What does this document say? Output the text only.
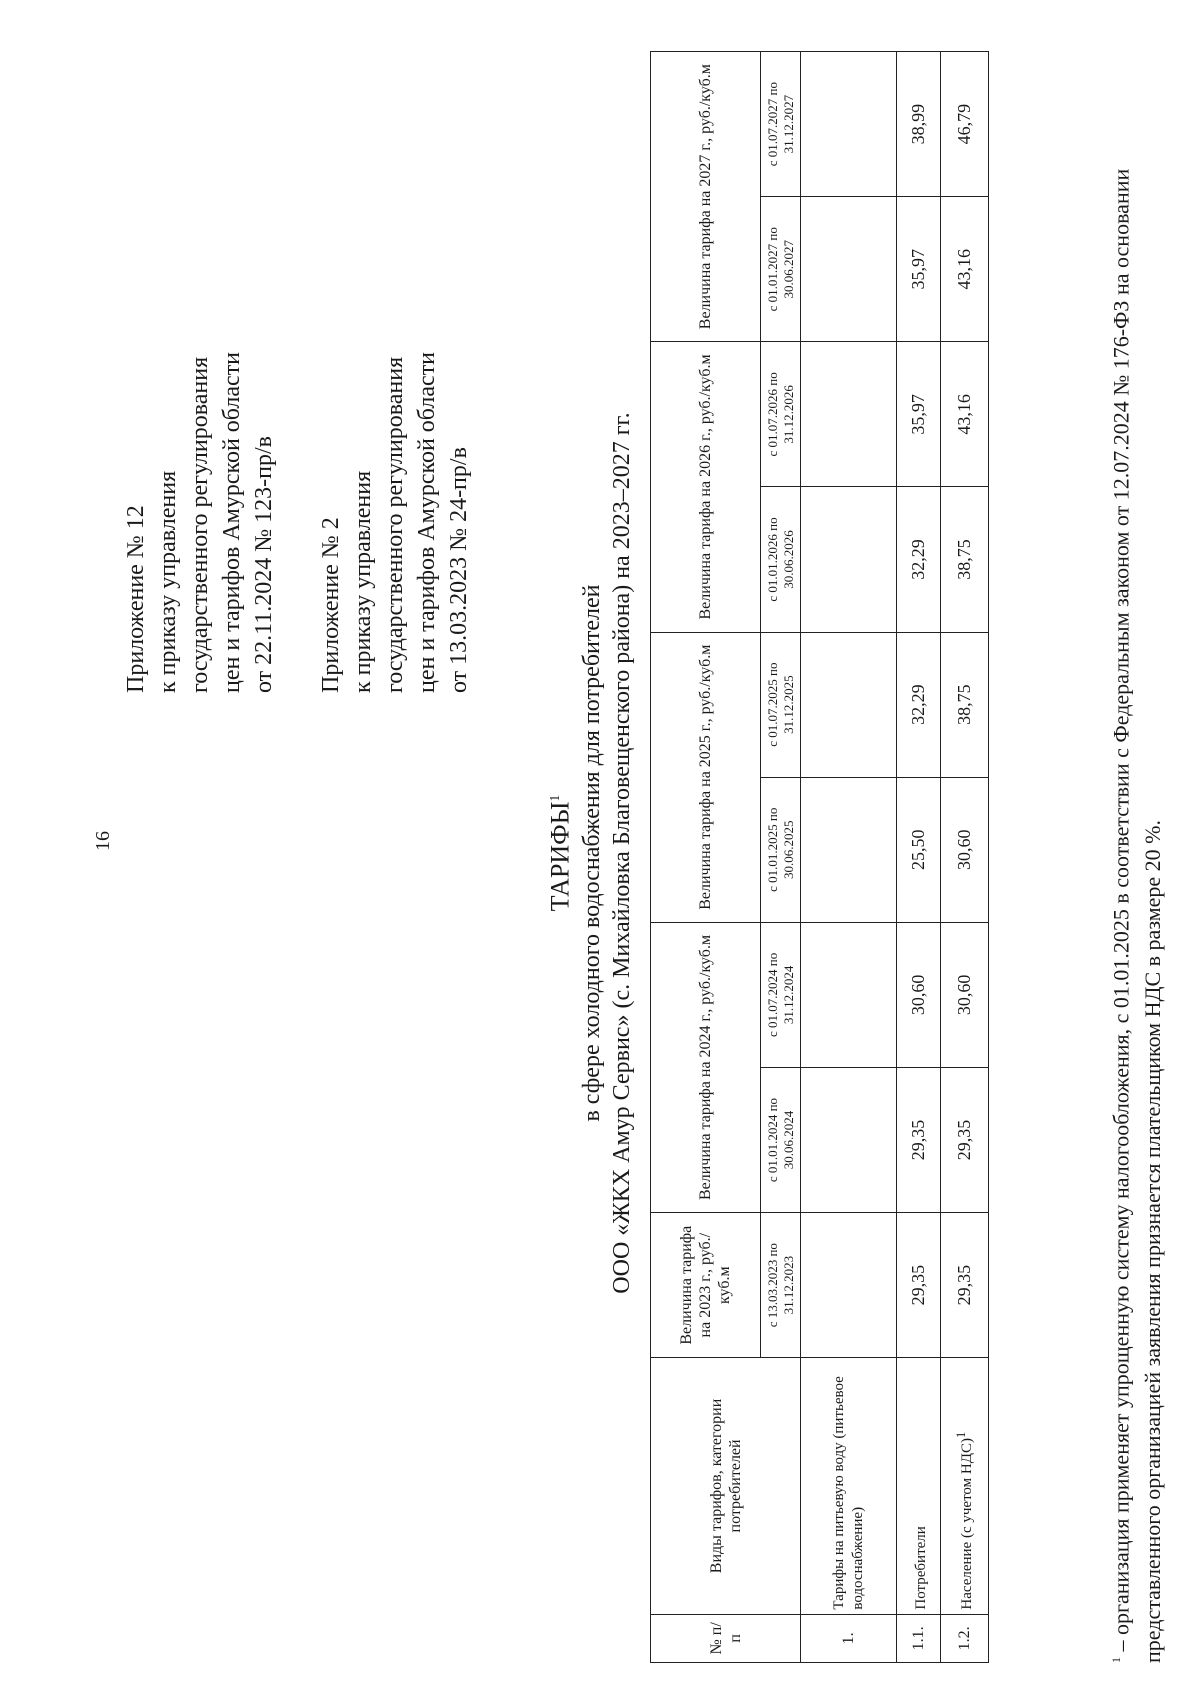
16
Приложение № 12 к приказу управления государственного регулирования цен и тарифов Амурской области от 22.11.2024 № 123-пр/в Приложение № 2 к приказу управления государственного регулирования цен и тарифов Амурской области от 13.03.2023 № 24-пр/в
ТАРИФЫ$^1$ в сфере холодного водоснабжения для потребителей ООО «ЖКХ Амур Сервис» (с. Михайловка Благовещенского района) на 2023–2027 гг.
№ п/п	Виды тарифов, категории потребителей	Величина тарифа на 2023 г., руб./куб.м	Величина тарифа на 2024 г., руб./куб.м		Величина тарифа на 2025 г., руб./куб.м		Величина тарифа на 2026 г., руб./куб.м		Величина тарифа на 2027 г., руб./куб.м	
		с 13.03.2023 по 31.12.2023	с 01.01.2024 по 30.06.2024	с 01.07.2024 по 31.12.2024	с 01.01.2025 по 30.06.2025	с 01.07.2025 по 31.12.2025	с 01.01.2026 по 30.06.2026	с 01.07.2026 по 31.12.2026	с 01.01.2027 по 30.06.2027	с 01.07.2027 по 31.12.2027
1.	Тарифы на питьевую воду (питьевое водоснабжение)									
1.1.	Потребители	29,35	29,35	30,60	25,50	32,29	32,29	35,97	35,97	38,99
1.2.	Население (с учетом НДС)$^1$	29,35	29,35	30,60	30,60	38,75	38,75	43,16	43,16	46,79
$^1$ – организация применяет упрощенную систему налогообложения, с 01.01.2025 в соответствии с Федеральным законом от 12.07.2024 № 176-ФЗ на основании представленного организацией заявления признается плательщиком НДС в размере 20 %.
